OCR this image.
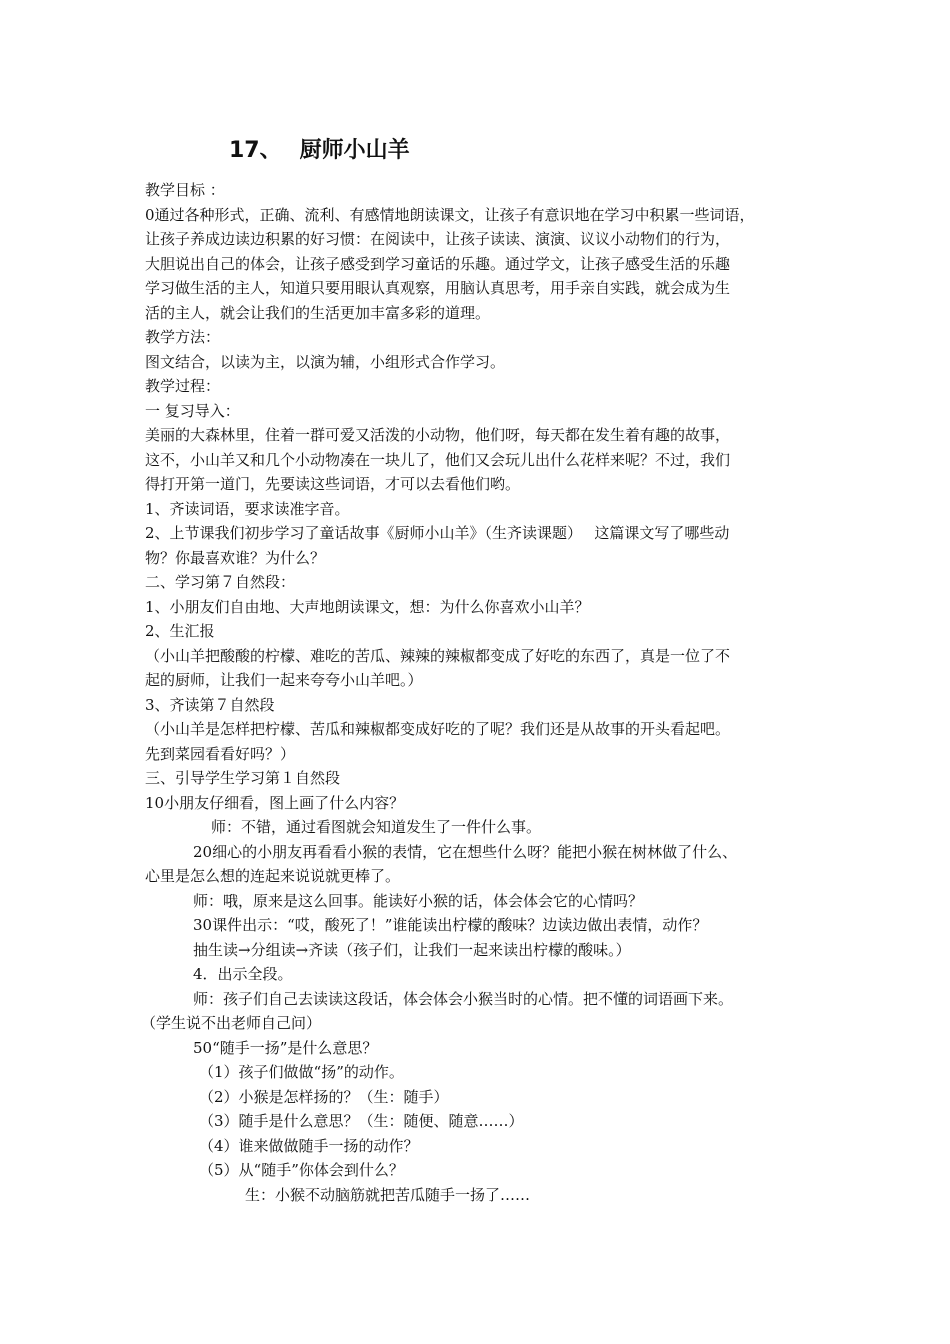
17、 厨师小山羊
教学目标 ：
0通过各种形式，正确、流利、有感情地朗读课文，让孩子有意识地在学习中积累一些词语，
让孩子养成边读边积累的好习惯：在阅读中，让孩子读读、演演、议议小动物们的行为，
大胆说出自己的体会，让孩子感受到学习童话的乐趣。通过学文，让孩子感受生活的乐趣
学习做生活的主人，知道只要用眼认真观察，用脑认真思考，用手亲自实践，就会成为生
活的主人，就会让我们的生活更加丰富多彩的道理。
教学方法：
图文结合，以读为主，以演为辅，小组形式合作学习。
教学过程：
一 复习导入：
美丽的大森林里，住着一群可爱又活泼的小动物，他们呀，每天都在发生着有趣的故事，
这不，小山羊又和几个小动物凑在一块儿了，他们又会玩儿出什么花样来呢？不过，我们
得打开第一道门，先要读这些词语，才可以去看他们哟。
1、齐读词语，要求读准字音。
2、上节课我们初步学习了童话故事《厨师小山羊》（生齐读课题）　 这篇课文写了哪些动
物？你最喜欢谁？为什么？
二、学习第７自然段：
1、小朋友们自由地、大声地朗读课文，想：为什么你喜欢小山羊？
2、生汇报
（小山羊把酸酸的柠檬、难吃的苦瓜、辣辣的辣椒都变成了好吃的东西了，真是一位了不
起的厨师，让我们一起来夸夸小山羊吧。）
3、齐读第７自然段
（小山羊是怎样把柠檬、苦瓜和辣椒都变成好吃的了呢？我们还是从故事的开头看起吧。
先到菜园看看好吗？）
三、引导学生学习第１自然段
10小朋友仔细看，图上画了什么内容？
师：不错，通过看图就会知道发生了一件什么事。
20细心的小朋友再看看小猴的表情，它在想些什么呀？能把小猴在树林做了什么、
心里是怎么想的连起来说说就更棒了。
师：哦，原来是这么回事。能读好小猴的话，体会体会它的心情吗？
30课件出示：“哎，酸死了！”谁能读出柠檬的酸味？边读边做出表情，动作？
抽生读→分组读→齐读（孩子们，让我们一起来读出柠檬的酸味。）
4．出示全段。
师：孩子们自己去读读这段话，体会体会小猴当时的心情。把不懂的词语画下来。
（学生说不出老师自己问）
50“随手一扬”是什么意思？
（1）孩子们做做“扬”的动作。
（2）小猴是怎样扬的？（生：随手）
（3）随手是什么意思？（生：随便、随意……）
（4）谁来做做随手一扬的动作？
（5）从“随手”你体会到什么？
生：小猴不动脑筋就把苦瓜随手一扬了……
